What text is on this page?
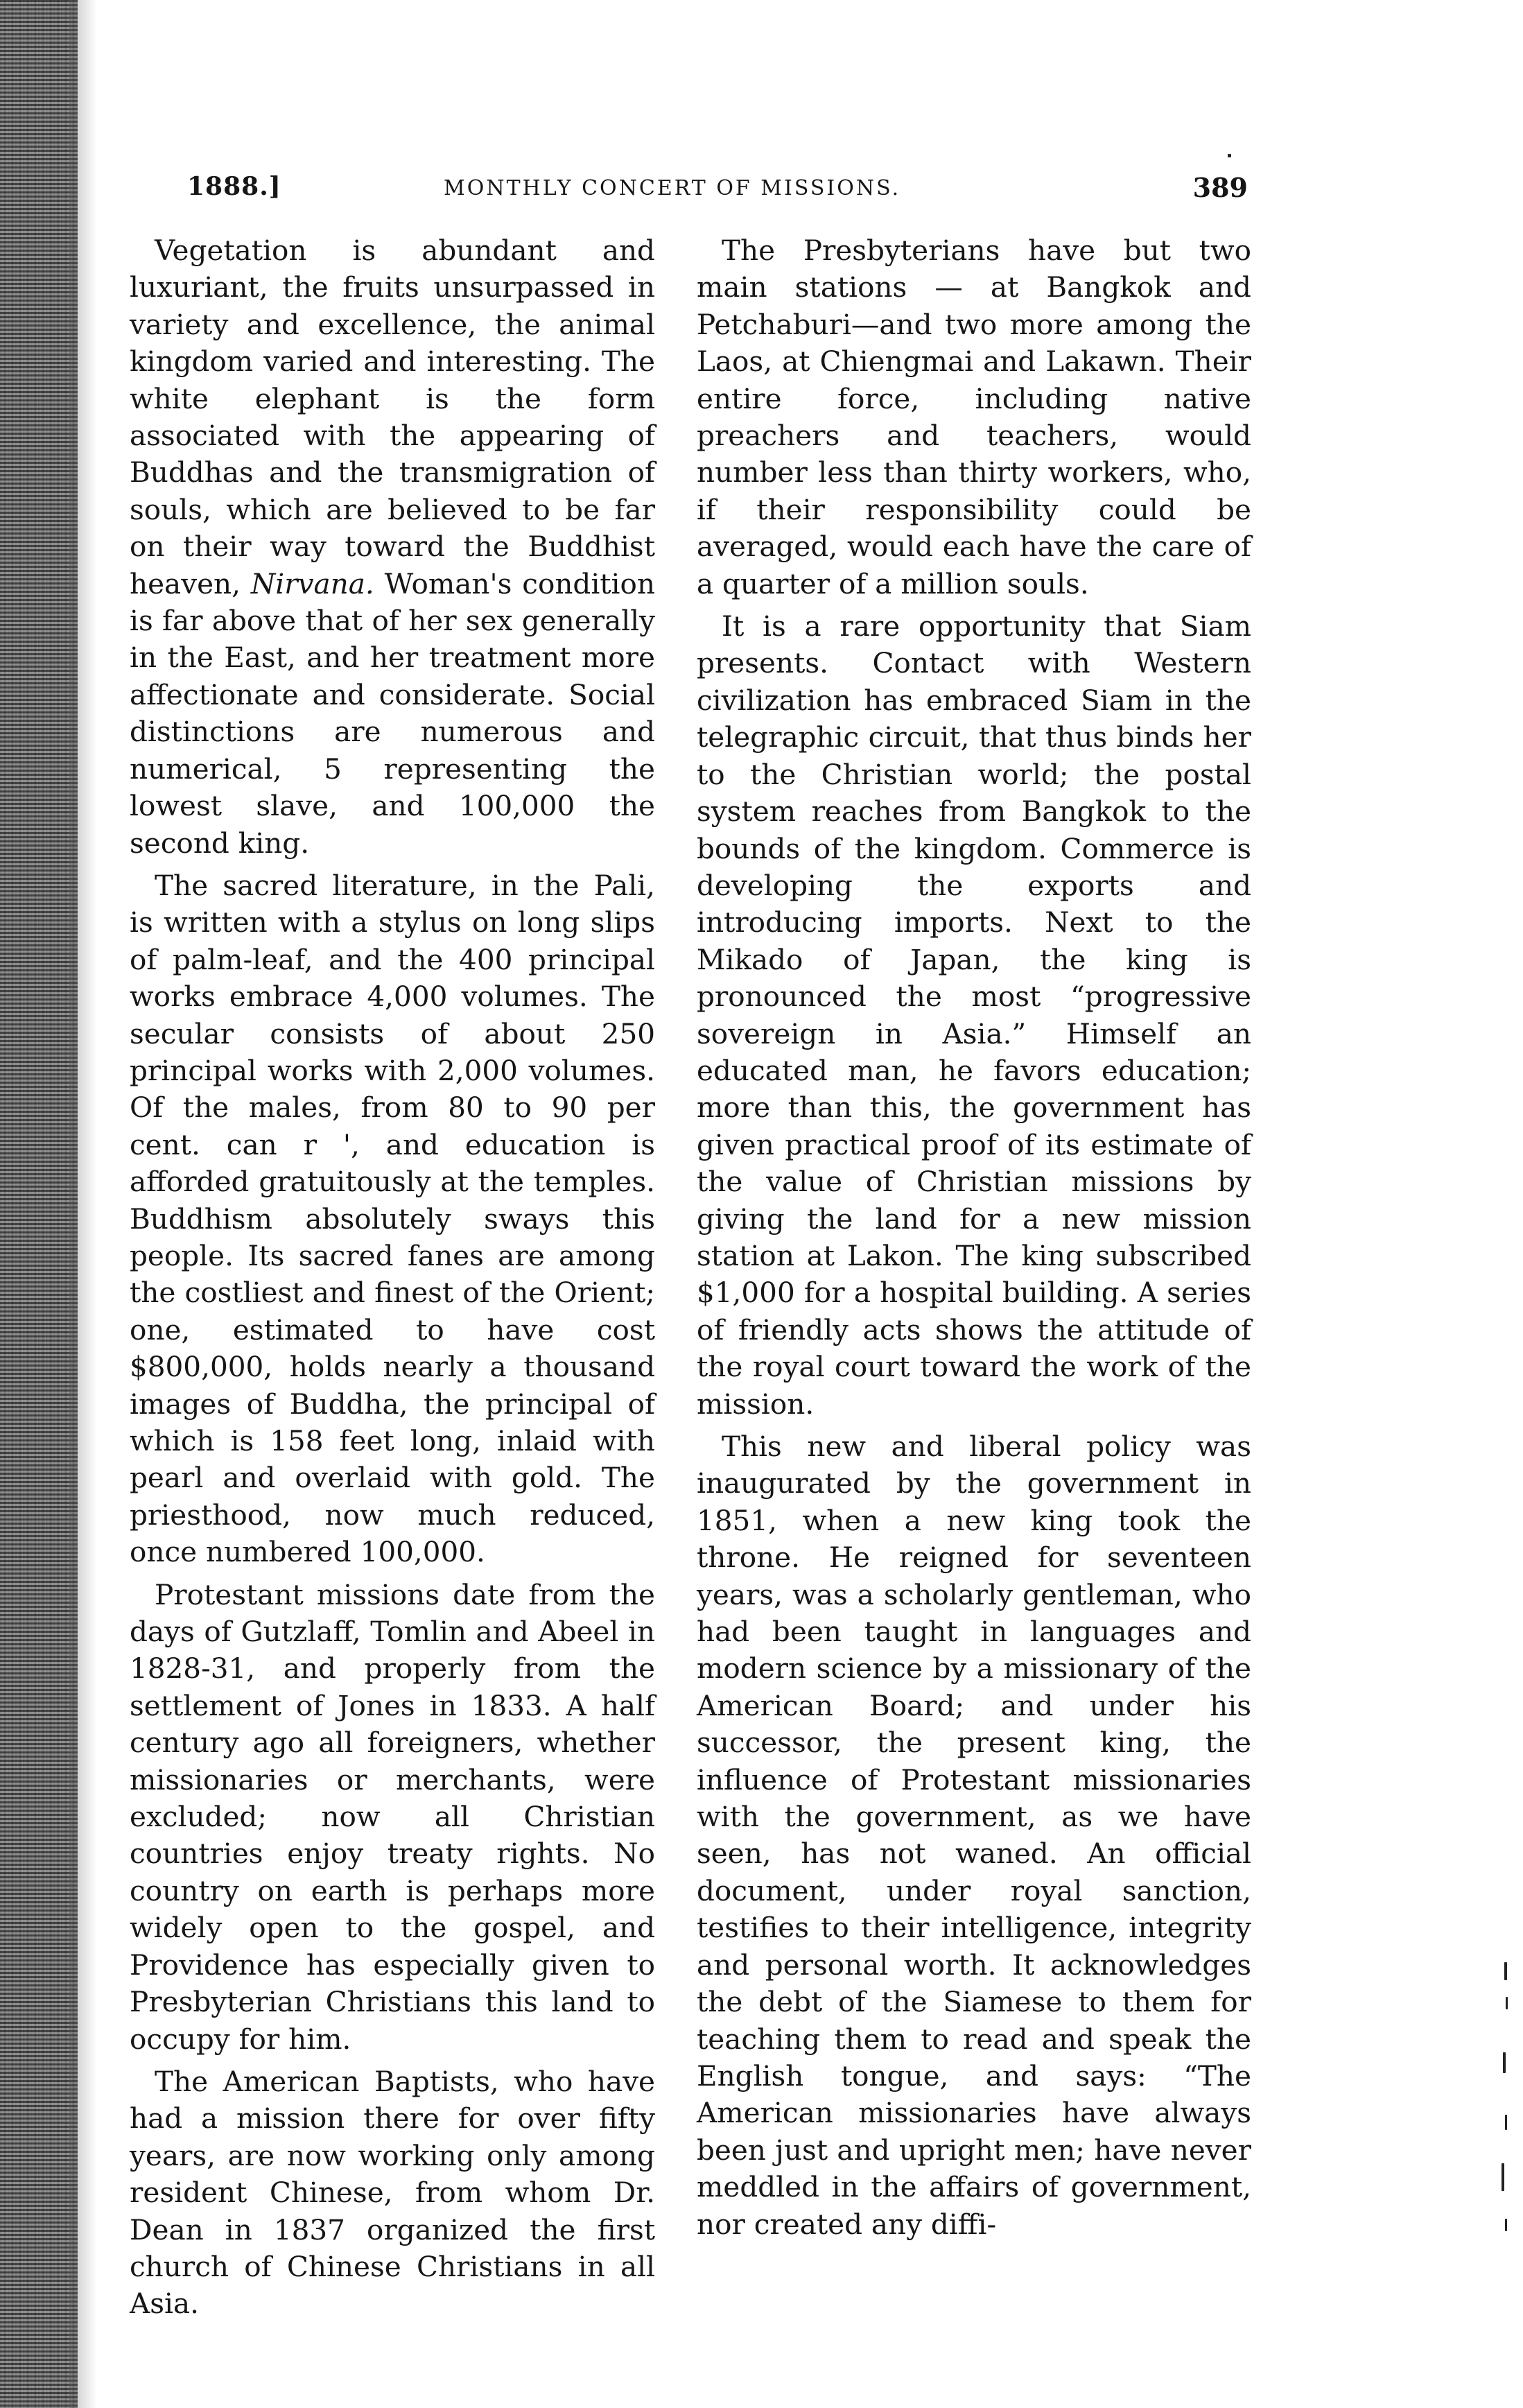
1888.]	MONTHLY CONCERT OF MISSIONS.	389

Vegetation is abundant and luxuriant, the fruits unsurpassed in variety and excellence, the animal kingdom varied and interesting. The white elephant is the form associated with the appearing of Buddhas and the transmigration of souls, which are believed to be far on their way toward the Buddhist heaven, Nirvana. Woman's condition is far above that of her sex generally in the East, and her treatment more affectionate and considerate. Social distinctions are numerous and numerical, 5 representing the lowest slave, and 100,000 the second king.

The sacred literature, in the Pali, is written with a stylus on long slips of palm-leaf, and the 400 principal works embrace 4,000 volumes. The secular consists of about 250 principal works with 2,000 volumes. Of the males, from 80 to 90 per cent. can r ', and education is afforded gratuitously at the temples. Buddhism absolutely sways this people. Its sacred fanes are among the costliest and finest of the Orient; one, estimated to have cost $800,000, holds nearly a thousand images of Buddha, the principal of which is 158 feet long, inlaid with pearl and overlaid with gold. The priesthood, now much reduced, once numbered 100,000.

Protestant missions date from the days of Gutzlaff, Tomlin and Abeel in 1828-31, and properly from the settlement of Jones in 1833. A half century ago all foreigners, whether missionaries or merchants, were excluded; now all Christian countries enjoy treaty rights. No country on earth is perhaps more widely open to the gospel, and Providence has especially given to Presbyterian Christians this land to occupy for him.

The American Baptists, who have had a mission there for over fifty years, are now working only among resident Chinese, from whom Dr. Dean in 1837 organized the first church of Chinese Christians in all Asia.

The Presbyterians have but two main stations — at Bangkok and Petchaburi—and two more among the Laos, at Chiengmai and Lakawn. Their entire force, including native preachers and teachers, would number less than thirty workers, who, if their responsibility could be averaged, would each have the care of a quarter of a million souls.

It is a rare opportunity that Siam presents. Contact with Western civilization has embraced Siam in the telegraphic circuit, that thus binds her to the Christian world; the postal system reaches from Bangkok to the bounds of the kingdom. Commerce is developing the exports and introducing imports. Next to the Mikado of Japan, the king is pronounced the most “progressive sovereign in Asia.” Himself an educated man, he favors education; more than this, the government has given practical proof of its estimate of the value of Christian missions by giving the land for a new mission station at Lakon. The king subscribed $1,000 for a hospital building. A series of friendly acts shows the attitude of the royal court toward the work of the mission.

This new and liberal policy was inaugurated by the government in 1851, when a new king took the throne. He reigned for seventeen years, was a scholarly gentleman, who had been taught in languages and modern science by a missionary of the American Board; and under his successor, the present king, the influence of Protestant missionaries with the government, as we have seen, has not waned. An official document, under royal sanction, testifies to their intelligence, integrity and personal worth. It acknowledges the debt of the Siamese to them for teaching them to read and speak the English tongue, and says: “The American missionaries have always been just and upright men; have never meddled in the affairs of government, nor created any diffi-
